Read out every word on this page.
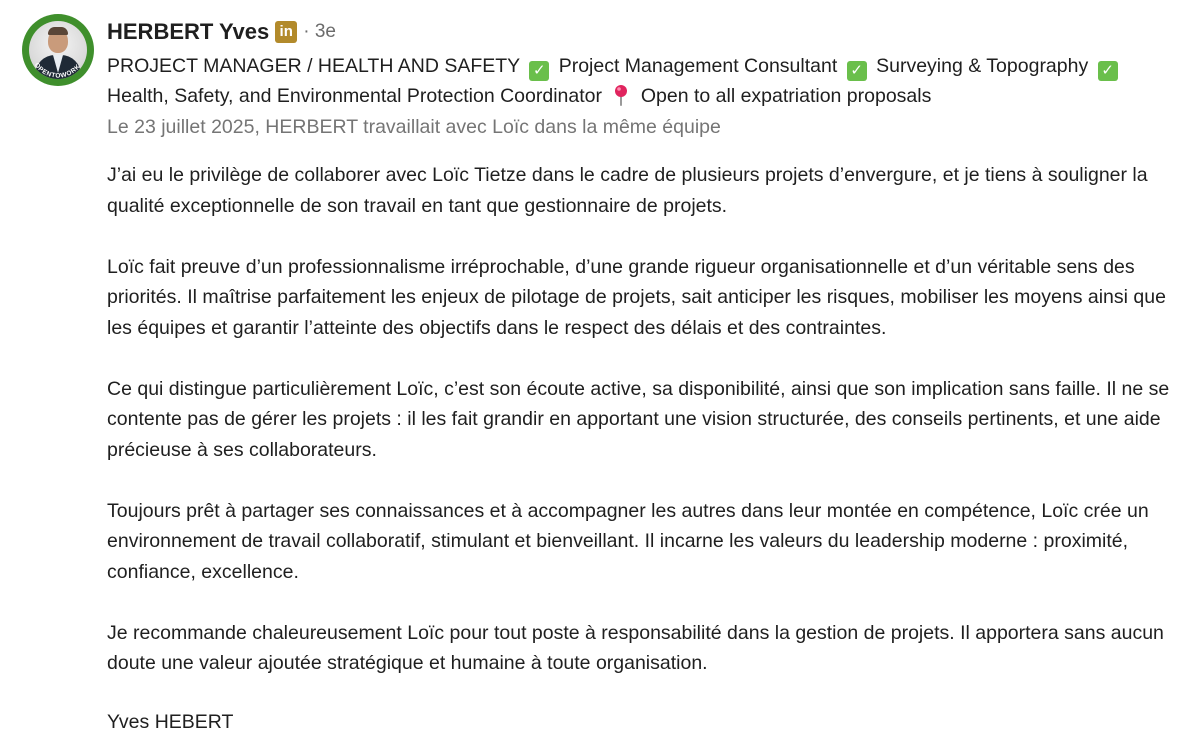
OPENTOWORK
HERBERT Yves in · 3e
PROJECT MANAGER / HEALTH AND SAFETY ✓ Project Management Consultant ✓ Surveying & Topography ✓ Health, Safety, and Environmental Protection Coordinator Open to all expatriation proposals
Le 23 juillet 2025, HERBERT travaillait avec Loïc dans la même équipe

J’ai eu le privilège de collaborer avec Loïc Tietze dans le cadre de plusieurs projets d’envergure, et je tiens à souligner la qualité exceptionnelle de son travail en tant que gestionnaire de projets.

Loïc fait preuve d’un professionnalisme irréprochable, d’une grande rigueur organisationnelle et d’un véritable sens des priorités. Il maîtrise parfaitement les enjeux de pilotage de projets, sait anticiper les risques, mobiliser les moyens ainsi que les équipes et garantir l’atteinte des objectifs dans le respect des délais et des contraintes.

Ce qui distingue particulièrement Loïc, c’est son écoute active, sa disponibilité, ainsi que son implication sans faille. Il ne se contente pas de gérer les projets : il les fait grandir en apportant une vision structurée, des conseils pertinents, et une aide précieuse à ses collaborateurs.

Toujours prêt à partager ses connaissances et à accompagner les autres dans leur montée en compétence, Loïc crée un environnement de travail collaboratif, stimulant et bienveillant. Il incarne les valeurs du leadership moderne : proximité, confiance, excellence.

Je recommande chaleureusement Loïc pour tout poste à responsabilité dans la gestion de projets. Il apportera sans aucun doute une valeur ajoutée stratégique et humaine à toute organisation.

Yves HEBERT
